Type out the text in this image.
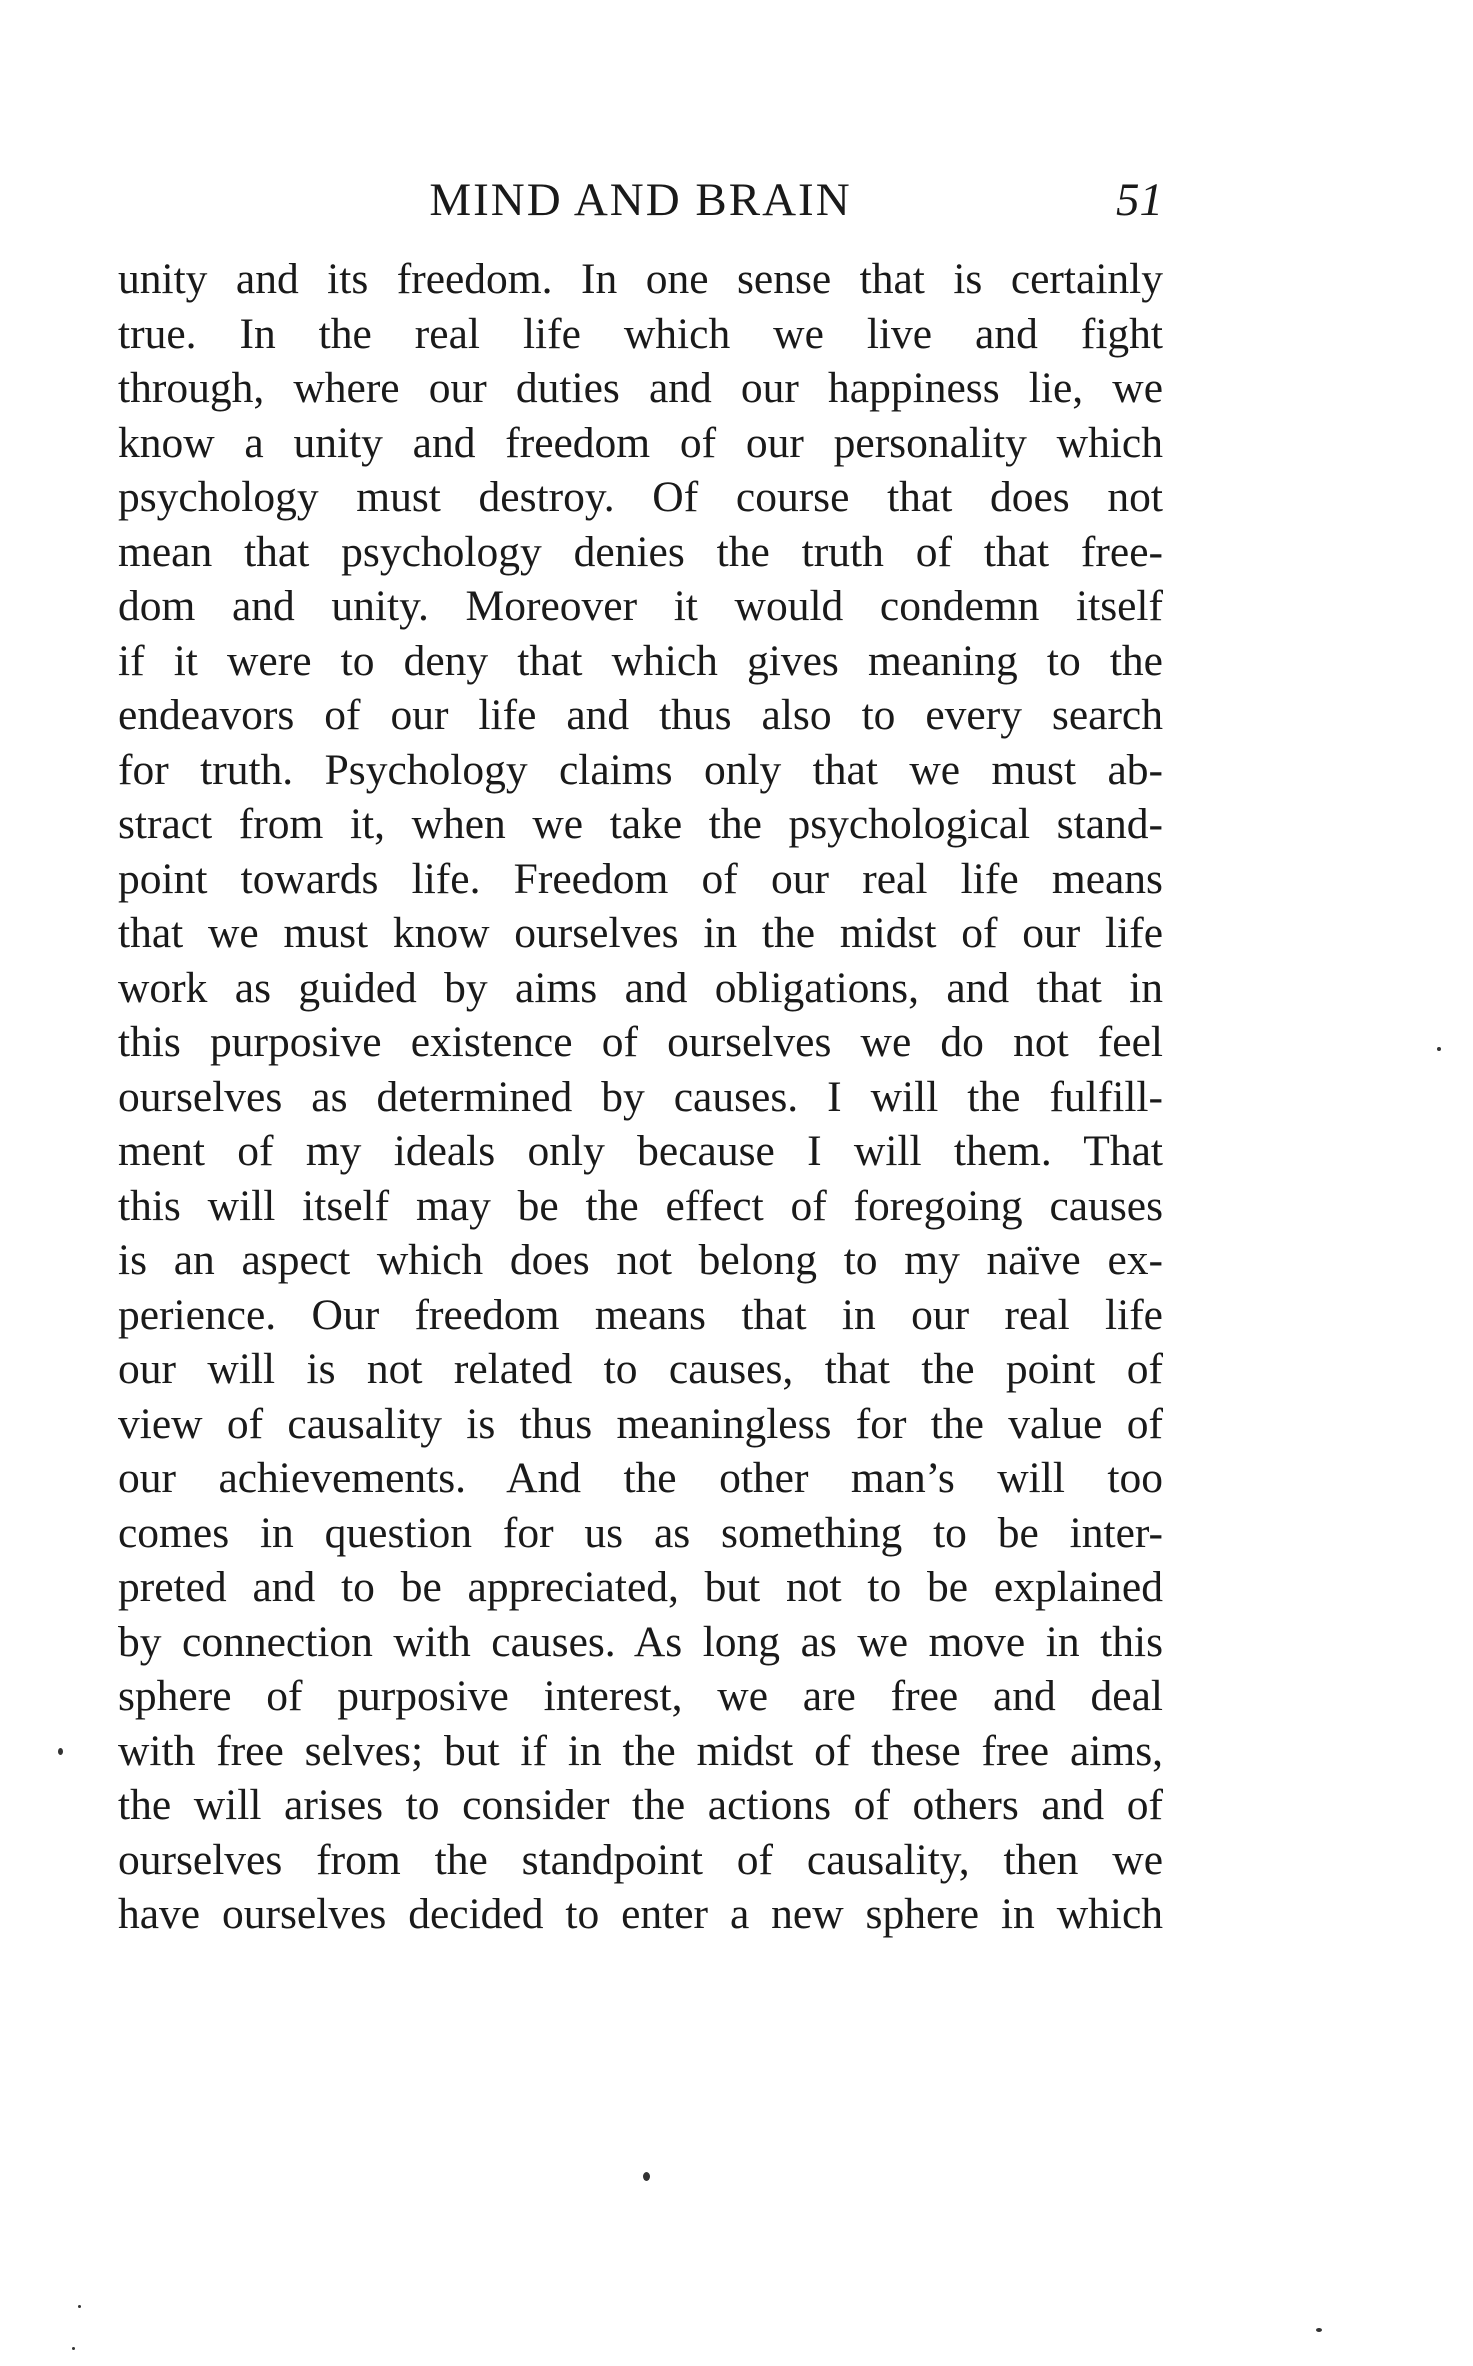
MIND AND BRAIN	51
unity and its freedom. In one sense that is certainly
true. In the real life which we live and fight
through, where our duties and our happiness lie, we
know a unity and freedom of our personality which
psychology must destroy. Of course that does not
mean that psychology denies the truth of that free-
dom and unity. Moreover it would condemn itself
if it were to deny that which gives meaning to the
endeavors of our life and thus also to every search
for truth. Psychology claims only that we must ab-
stract from it, when we take the psychological stand-
point towards life. Freedom of our real life means
that we must know ourselves in the midst of our life
work as guided by aims and obligations, and that in
this purposive existence of ourselves we do not feel
ourselves as determined by causes. I will the fulfill-
ment of my ideals only because I will them. That
this will itself may be the effect of foregoing causes
is an aspect which does not belong to my naïve ex-
perience. Our freedom means that in our real life
our will is not related to causes, that the point of
view of causality is thus meaningless for the value of
our achievements. And the other man’s will too
comes in question for us as something to be inter-
preted and to be appreciated, but not to be explained
by connection with causes. As long as we move in this
sphere of purposive interest, we are free and deal
with free selves; but if in the midst of these free aims,
the will arises to consider the actions of others and of
ourselves from the standpoint of causality, then we
have ourselves decided to enter a new sphere in which
